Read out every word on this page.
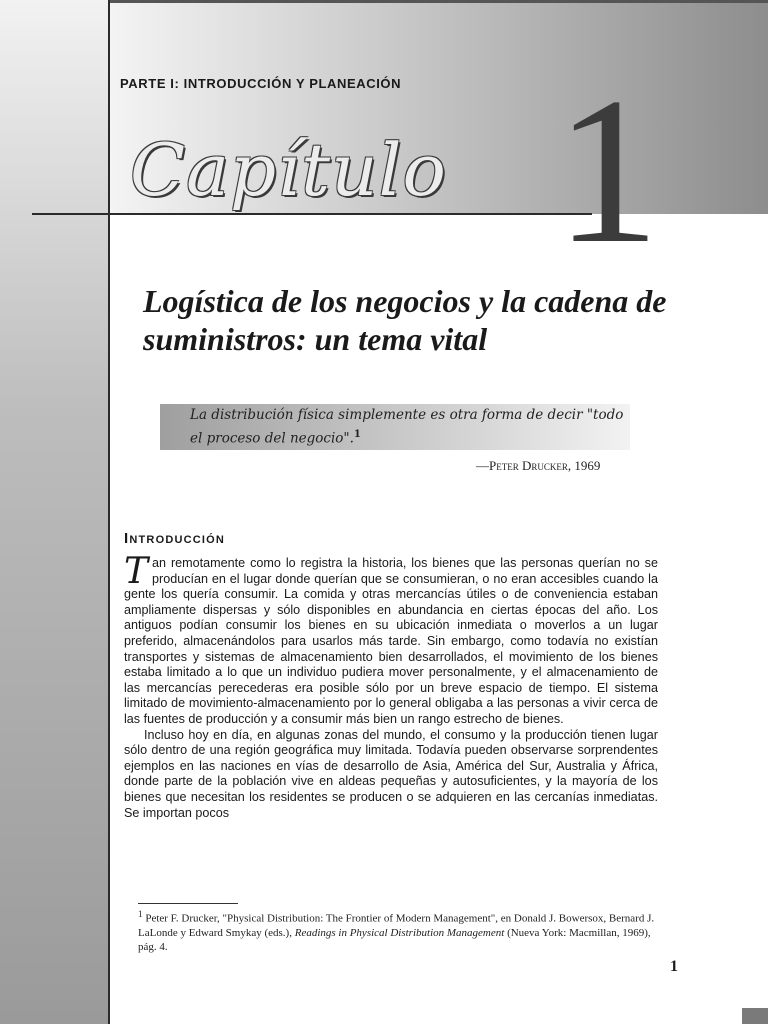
PARTE I: INTRODUCCIÓN Y PLANEACIÓN
Capítulo 1
Logística de los negocios y la cadena de suministros: un tema vital
La distribución física simplemente es otra forma de decir "todo el proceso del negocio".$^1$
—Peter Drucker, 1969
Introducción

Tan remotamente como lo registra la historia, los bienes que las personas querían no se producían en el lugar donde querían que se consumieran, o no eran accesibles cuando la gente los quería consumir. La comida y otras mercancías útiles o de conveniencia estaban ampliamente dispersas y sólo disponibles en abundancia en ciertas épocas del año. Los antiguos podían consumir los bienes en su ubicación inmediata o moverlos a un lugar preferido, almacenándolos para usarlos más tarde. Sin embargo, como todavía no existían transportes y sistemas de almacenamiento bien desarrollados, el movimiento de los bienes estaba limitado a lo que un individuo pudiera mover personalmente, y el almacenamiento de las mercancías perecederas era posible sólo por un breve espacio de tiempo. El sistema limitado de movimiento-almacenamiento por lo general obligaba a las personas a vivir cerca de las fuentes de producción y a consumir más bien un rango estrecho de bienes.

Incluso hoy en día, en algunas zonas del mundo, el consumo y la producción tienen lugar sólo dentro de una región geográfica muy limitada. Todavía pueden observarse sorprendentes ejemplos en las naciones en vías de desarrollo de Asia, América del Sur, Australia y África, donde parte de la población vive en aldeas pequeñas y autosuficientes, y la mayoría de los bienes que necesitan los residentes se producen o se adquieren en las cercanías inmediatas. Se importan pocos

$^1$ Peter F. Drucker, "Physical Distribution: The Frontier of Modern Management", en Donald J. Bowersox, Bernard J. LaLonde y Edward Smykay (eds.), Readings in Physical Distribution Management (Nueva York: Macmillan, 1969), pág. 4.
1
